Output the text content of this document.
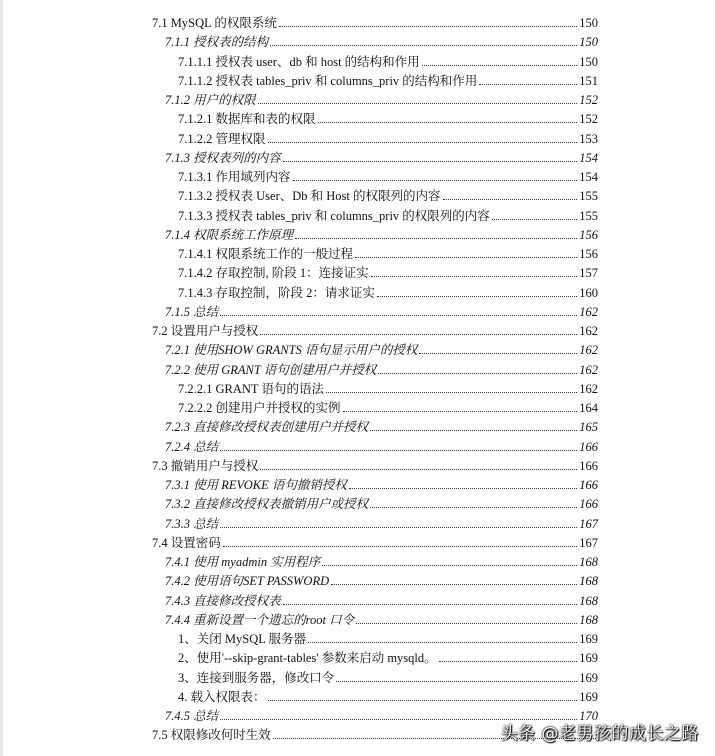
7.1 MySQL 的权限系统	150
7.1.1 授权表的结构	150
7.1.1.1 授权表 user、db 和 host 的结构和作用	150
7.1.1.2 授权表 tables_priv 和 columns_priv 的结构和作用	151
7.1.2 用户的权限	152
7.1.2.1 数据库和表的权限	152
7.1.2.2 管理权限	153
7.1.3 授权表列的内容	154
7.1.3.1 作用域列内容	154
7.1.3.2 授权表 User、Db 和 Host 的权限列的内容	155
7.1.3.3 授权表 tables_priv 和 columns_priv 的权限列的内容	155
7.1.4 权限系统工作原理	156
7.1.4.1 权限系统工作的一般过程	156
7.1.4.2 存取控制, 阶段 1：连接证实	157
7.1.4.3 存取控制，阶段 2：请求证实	160
7.1.5 总结	162
7.2 设置用户与授权	162
7.2.1 使用SHOW GRANTS 语句显示用户的授权	162
7.2.2 使用 GRANT 语句创建用户并授权	162
7.2.2.1 GRANT 语句的语法	162
7.2.2.2 创建用户并授权的实例	164
7.2.3 直接修改授权表创建用户并授权	165
7.2.4 总结	166
7.3 撤销用户与授权	166
7.3.1 使用 REVOKE 语句撤销授权	166
7.3.2 直接修改授权表撤销用户或授权	166
7.3.3 总结	167
7.4 设置密码	167
7.4.1 使用 myadmin 实用程序	168
7.4.2 使用语句SET PASSWORD	168
7.4.3 直接修改授权表	168
7.4.4 重新设置一个遗忘的root 口令	168
1、关闭 MySQL 服务器	169
2、使用'--skip-grant-tables' 参数来启动 mysqld。	169
3、连接到服务器，修改口令	169
4. 载入权限表：	169
7.4.5 总结	170
7.5 权限修改何时生效	头条 @老男孩的成长之路
